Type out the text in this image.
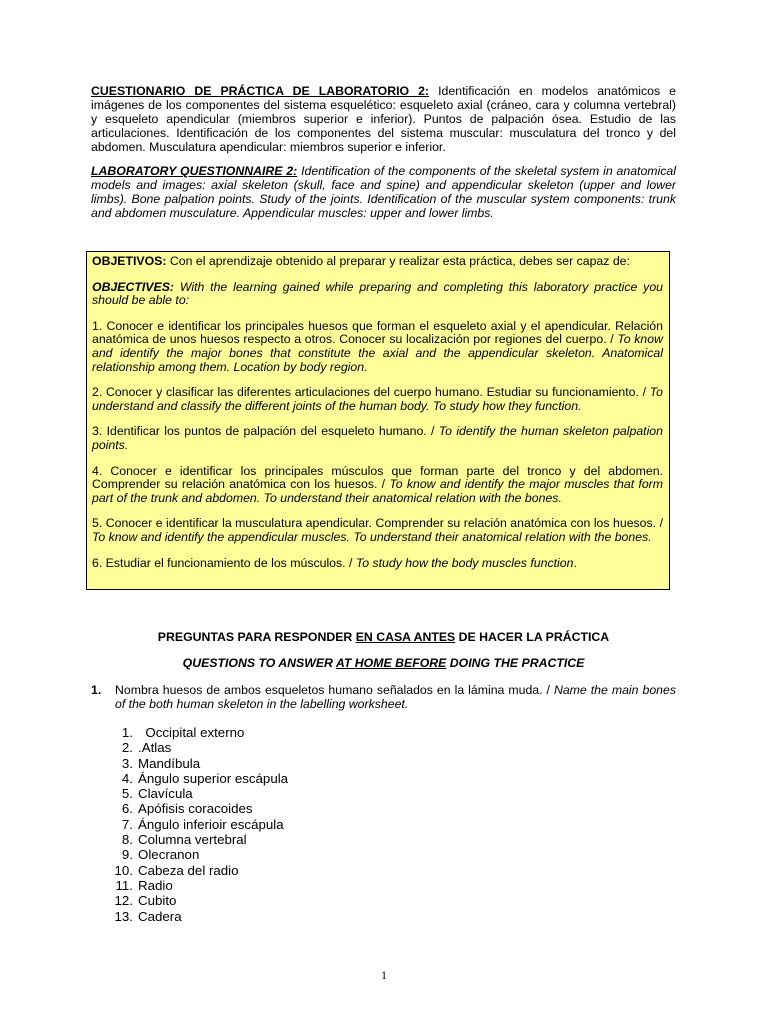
CUESTIONARIO DE PRÁCTICA DE LABORATORIO 2: Identificación en modelos anatómicos e imágenes de los componentes del sistema esquelético: esqueleto axial (cráneo, cara y columna vertebral) y esqueleto apendicular (miembros superior e inferior). Puntos de palpación ósea. Estudio de las articulaciones. Identificación de los componentes del sistema muscular: musculatura del tronco y del abdomen. Musculatura apendicular: miembros superior e inferior.

LABORATORY QUESTIONNAIRE 2: Identification of the components of the skeletal system in anatomical models and images: axial skeleton (skull, face and spine) and appendicular skeleton (upper and lower limbs). Bone palpation points. Study of the joints. Identification of the muscular system components: trunk and abdomen musculature. Appendicular muscles: upper and lower limbs.

OBJETIVOS: Con el aprendizaje obtenido al preparar y realizar esta práctica, debes ser capaz de:

OBJECTIVES: With the learning gained while preparing and completing this laboratory practice you should be able to:

1. Conocer e identificar los principales huesos que forman el esqueleto axial y el apendicular. Relación anatómica de unos huesos respecto a otros. Conocer su localización por regiones del cuerpo. / To know and identify the major bones that constitute the axial and the appendicular skeleton. Anatomical relationship among them. Location by body region.

2. Conocer y clasificar las diferentes articulaciones del cuerpo humano. Estudiar su funcionamiento. / To understand and classify the different joints of the human body. To study how they function.

3. Identificar los puntos de palpación del esqueleto humano. / To identify the human skeleton palpation points.

4. Conocer e identificar los principales músculos que forman parte del tronco y del abdomen. Comprender su relación anatómica con los huesos. / To know and identify the major muscles that form part of the trunk and abdomen. To understand their anatomical relation with the bones.

5. Conocer e identificar la musculatura apendicular. Comprender su relación anatómica con los huesos. / To know and identify the appendicular muscles. To understand their anatomical relation with the bones.

6. Estudiar el funcionamiento de los músculos. / To study how the body muscles function.

PREGUNTAS PARA RESPONDER EN CASA ANTES DE HACER LA PRÁCTICA
QUESTIONS TO ANSWER AT HOME BEFORE DOING THE PRACTICE
1. Nombra huesos de ambos esqueletos humano señalados en la lámina muda. / Name the main bones of the both human skeleton in the labelling worksheet.

1. Occipital externo
2. .Atlas
3. Mandíbula
4. Ángulo superior escápula
5. Clavícula
6. Apófisis coracoides
7. Ángulo inferioir escápula
8. Columna vertebral
9. Olecranon
10. Cabeza del radio
11. Radio
12. Cubito
13. Cadera
1
